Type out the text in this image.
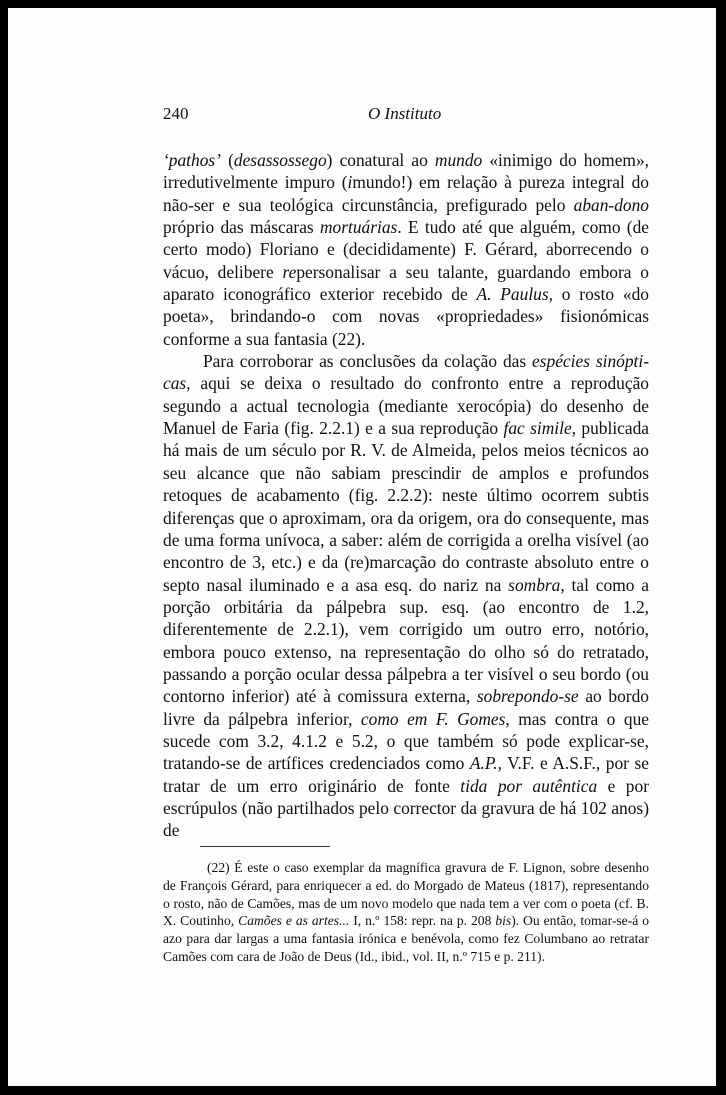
240	O Instituto

‘pathos’ (desassossego) conatural ao mundo «inimigo do homem», irredutivelmente impuro (imundo!) em relação à pureza integral do não-ser e sua teológica circunstância, prefigurado pelo aban-dono próprio das máscaras mortuárias. E tudo até que alguém, como (de certo modo) Floriano e (decididamente) F. Gérard, aborrecendo o vácuo, delibere repersonalisar a seu talante, guardando embora o aparato iconográfico exterior recebido de A. Paulus, o rosto «do poeta», brindando-o com novas «propriedades» fisionómicas conforme a sua fantasia (22).

Para corroborar as conclusões da colação das espécies sinópti-cas, aqui se deixa o resultado do confronto entre a reprodução segundo a actual tecnologia (mediante xerocópia) do desenho de Manuel de Faria (fig. 2.2.1) e a sua reprodução fac simile, publicada há mais de um século por R. V. de Almeida, pelos meios técnicos ao seu alcance que não sabiam prescindir de amplos e profundos retoques de acabamento (fig. 2.2.2): neste último ocorrem subtis diferenças que o aproximam, ora da origem, ora do consequente, mas de uma forma unívoca, a saber: além de corrigida a orelha visível (ao encontro de 3, etc.) e da (re)marcação do contraste absoluto entre o septo nasal iluminado e a asa esq. do nariz na sombra, tal como a porção orbitária da pálpebra sup. esq. (ao encontro de 1.2, diferentemente de 2.2.1), vem corrigido um outro erro, notório, embora pouco extenso, na representação do olho só do retratado, passando a porção ocular dessa pálpebra a ter visível o seu bordo (ou contorno inferior) até à comissura externa, sobrepondo-se ao bordo livre da pálpebra inferior, como em F. Gomes, mas contra o que sucede com 3.2, 4.1.2 e 5.2, o que também só pode explicar-se, tratando-se de artífices credenciados como A.P., V.F. e A.S.F., por se tratar de um erro originário de fonte tida por autêntica e por escrúpulos (não partilhados pelo corrector da gravura de há 102 anos) de

(22) É este o caso exemplar da magnífica gravura de F. Lignon, sobre desenho de François Gérard, para enriquecer a ed. do Morgado de Mateus (1817), representando o rosto, não de Camões, mas de um novo modelo que nada tem a ver com o poeta (cf. B. X. Coutinho, Camões e as artes... I, n.º 158: repr. na p. 208 bis). Ou então, tomar-se-á o azo para dar largas a uma fantasia irónica e benévola, como fez Columbano ao retratar Camões com cara de João de Deus (Id., ibid., vol. II, n.º 715 e p. 211).
